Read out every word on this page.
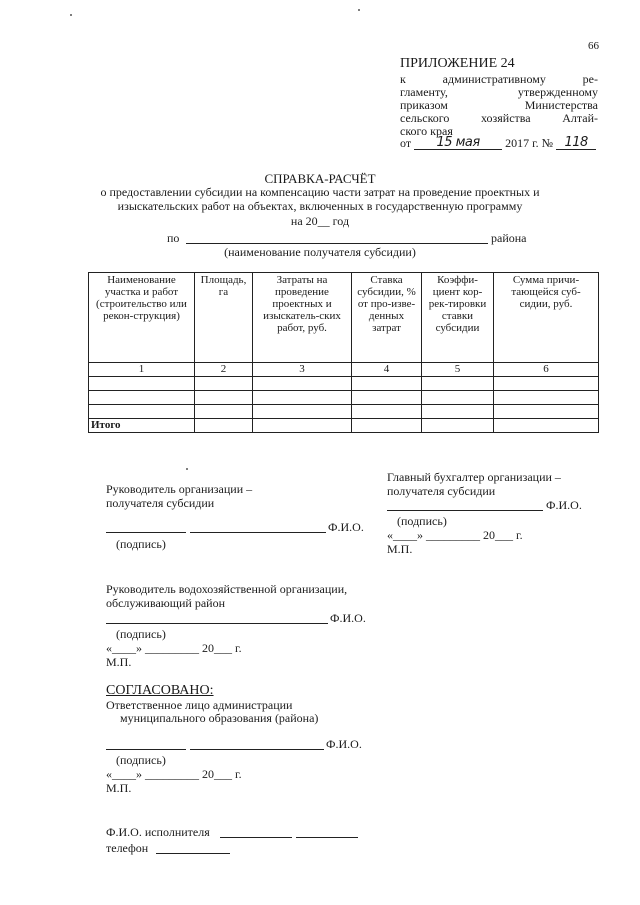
66
ПРИЛОЖЕНИЕ 24
к административному ре-
гламенту, утвержденному
приказом Министерства
сельского хозяйства Алтай-
ского края
от 15 мая 2017 г. № 118
СПРАВКА-РАСЧЁТ
о предоставлении субсидии на компенсацию части затрат на проведение проектных и
изыскательских работ на объектах, включенных в государственную программу
на 20__ год
по	района
(наименование получателя субсидии)
Наименование участка и работ (строительство или рекон-струкция)	Площадь, га	Затраты на проведение проектных и изыскатель-ских работ, руб.	Ставка субсидии, % от про-изве-денных затрат	Коэффи-циент кор-рек-тировки ставки субсидии	Сумма причи-тающейся суб-сидии, руб.
1	2	3	4	5	6

Итого					
Руководитель организации –
получателя субсидии
Ф.И.О.
(подпись)
Главный бухгалтер организации –
получателя субсидии
Ф.И.О.
(подпись)
«____» _________ 20___ г.
М.П.
Руководитель водохозяйственной организации,
обслуживающий район
Ф.И.О.
(подпись)
«____» _________ 20___ г.
М.П.
СОГЛАСОВАНО:
Ответственное лицо администрации
муниципального образования (района)
Ф.И.О.
(подпись)
«____» _________ 20___ г.
М.П.
Ф.И.О. исполнителя
телефон
